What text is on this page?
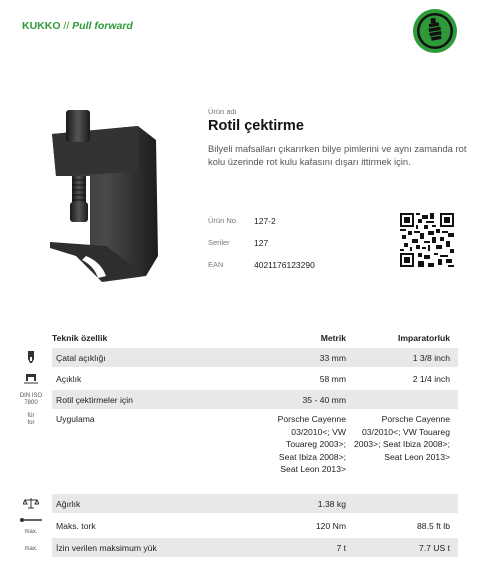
KUKKO // Pull forward
Ürün adı
Rotil çektirme
Bilyeli mafsalları çıkarırken bilye pimlerini ve aynı zamanda rot kolu üzerinde rot kulu kafasını dışarı ittirmek için.
Ürün No. 127-2
Seriler	127
EAN	4021176123290
	Teknik özellik	Metrik	Imparatorluk
	Çatal açıklığı	33 mm	1 3/8 inch

	Açıklık	58 mm	2 1/4 inch

DIN ISO 7800	Rotil çektirmeler için	35 - 40 mm	

für for	Uygulama	Porsche Cayenne 03/2010<; VW Touareg 2003>; Seat Ibiza 2008>; Seat Leon 2013>	Porsche Cayenne 03/2010<; VW Touareg 2003>; Seat Ibiza 2008>; Seat Leon 2013>

	Ağırlık	1.38 kg	

max.	Maks. tork	120 Nm	88.5 ft lb

max.	İzin verilen maksimum yük	7 t	7.7 US t
